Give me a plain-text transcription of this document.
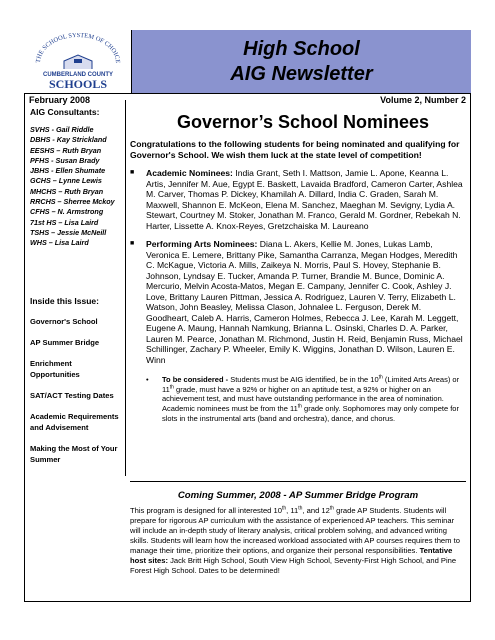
THE SCHOOL SYSTEM OF CHOICE
CUMBERLAND COUNTY
SCHOOLS
High School
AIG Newsletter
February 2008	Volume 2, Number 2
AIG Consultants:
SVHS - Gail Riddle
DBHS - Kay Strickland
EESHS – Ruth Bryan
PFHS - Susan Brady
JBHS - Ellen Shumate
GCHS – Lynne Lewis
MHCHS – Ruth Bryan
RRCHS – Sherree Mckoy
CFHS – N. Armstrong
71st HS – Lisa Laird
TSHS – Jessie McNeill
WHS – Lisa Laird
Inside this Issue:
Governor's School
AP Summer Bridge
Enrichment Opportunities
SAT/ACT Testing Dates
Academic Requirements and Advisement
Making the Most of Your Summer
Governor’s School Nominees
Congratulations to the following students for being nominated and qualifying for Governor's School. We wish them luck at the state level of competition!
■ Academic Nominees: India Grant, Seth I. Mattson, Jamie L. Apone, Keanna L. Artis, Jennifer M. Aue, Egypt E. Baskett, Lavaida Bradford, Cameron Carter, Ashlea M. Carver, Thomas P. Dickey, Khamilah A. Dillard, India C. Graden, Sarah M. Maxwell, Shannon E. McKeon, Elena M. Sanchez, Maeghan M. Sevigny, Lydia A. Stewart, Courtney M. Stoker, Jonathan M. Franco, Gerald M. Gordner, Rebekah N. Harter, Lissette A. Knox-Reyes, Gretzchaiska M. Laureano
■ Performing Arts Nominees: Diana L. Akers, Kellie M. Jones, Lukas Lamb, Veronica E. Lemere, Brittany Pike, Samantha Carranza, Megan Hodges, Meredith C. McKague, Victoria A. Mills, Zaikeya N. Morris, Paul S. Hovey, Stephanie B. Johnson, Lyndsay E. Tucker, Amanda P. Turner, Brandie M. Bunce, Dominic A. Mercurio, Melvin Acosta-Matos, Megan E. Campany, Jennifer C. Cook, Ashley J. Love, Brittany Lauren Pittman, Jessica A. Rodriguez, Lauren V. Terry, Elizabeth L. Watson, John Beasley, Melissa Clason, Johnalee L. Ferguson, Derek M. Goodheart, Caleb A. Harris, Cameron Holmes, Rebecca J. Lee, Karah M. Leggett, Eugene A. Maung, Hannah Namkung, Brianna L. Osinski, Charles D. A. Parker, Lauren M. Pearce, Jonathan M. Richmond, Justin H. Reid, Benjamin Russ, Michael Schillinger, Zachary P. Wheeler, Emily K. Wiggins, Jonathan D. Wilson, Lauren E. Winn
• To be considered - Students must be AIG identified, be in the 10th (Limited Arts Areas) or 11th grade, must have a 92% or higher on an aptitude test, a 92% or higher on an achievement test, and must have outstanding performance in the area of nomination. Academic nominees must be from the 11th grade only. Sophomores may only compete for slots in the instrumental arts (band and orchestra), dance, and chorus.
Coming Summer, 2008 - AP Summer Bridge Program
This program is designed for all interested 10th, 11th, and 12th grade AP Students. Students will prepare for rigorous AP curriculum with the assistance of experienced AP teachers. This seminar will include an in-depth study of literary analysis, critical problem solving, and advanced writing skills. Students will learn how the increased workload associated with AP courses requires them to manage their time, prioritize their options, and organize their personal responsibilities. Tentative host sites: Jack Britt High School, South View High School, Seventy-First High School, and Pine Forest High School. Dates to be determined!
